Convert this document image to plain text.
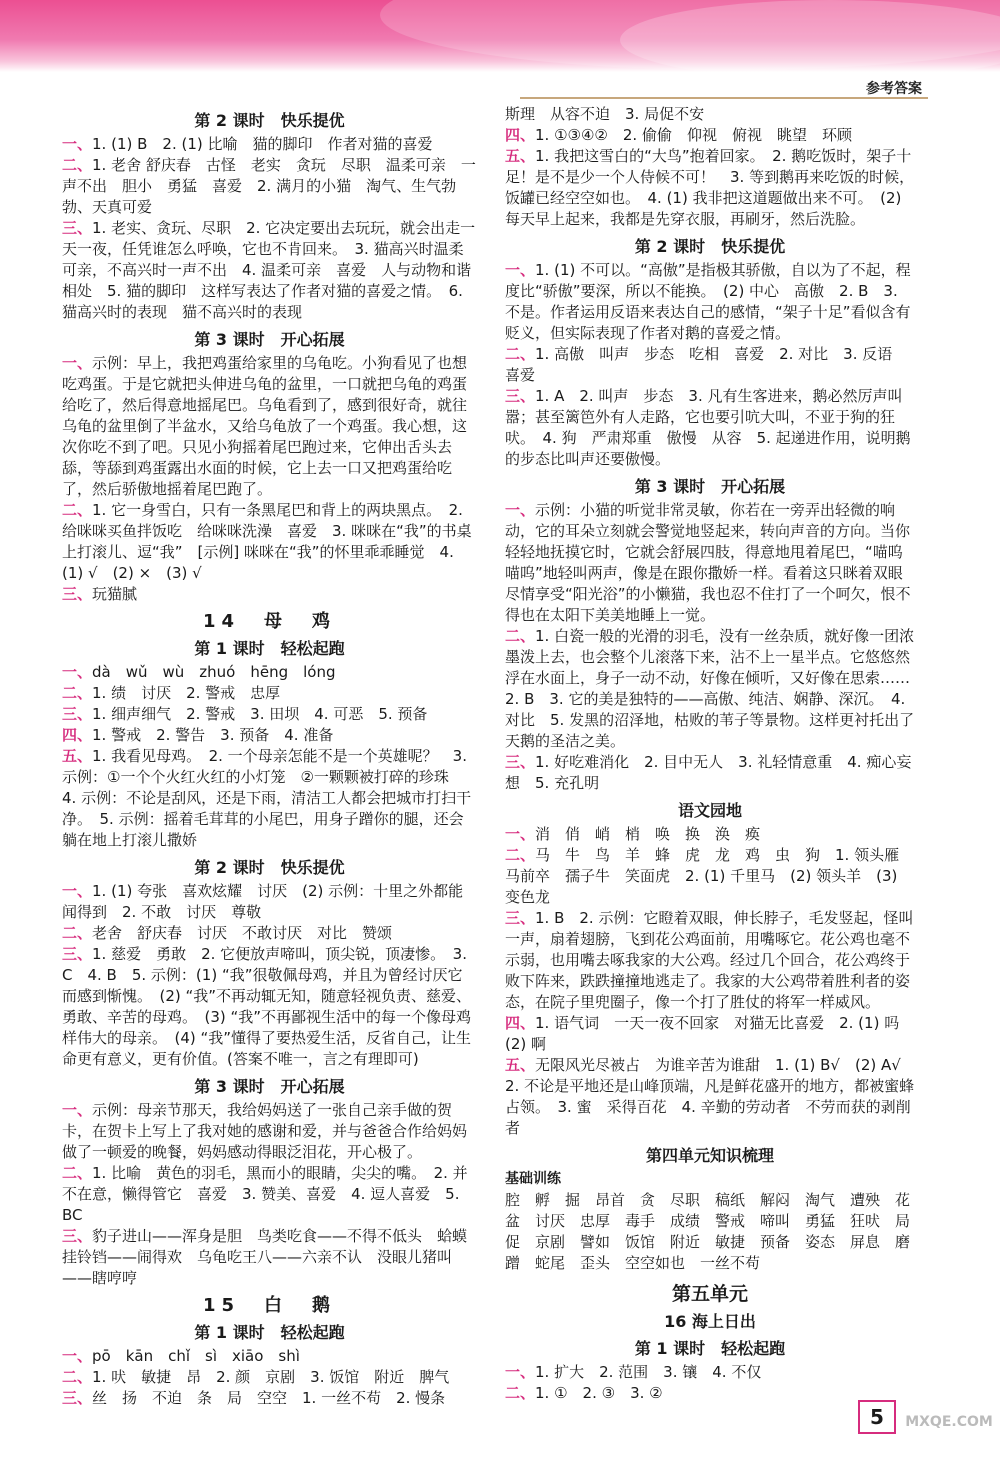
参考答案

第 2 课时　快乐提优

一、1. (1) B　2. (1) 比喻　猫的脚印　作者对猫的喜爱

二、1. 老舍 舒庆春　古怪　老实　贪玩　尽职　温柔可亲　一声不出　胆小　勇猛　喜爱　2. 满月的小猫　淘气、生气勃勃、天真可爱

三、1. 老实、贪玩、尽职　2. 它决定要出去玩玩，就会出走一天一夜，任凭谁怎么呼唤，它也不肯回来。　3. 猫高兴时温柔可亲，不高兴时一声不出　4. 温柔可亲　喜爱　人与动物和谐相处　5. 猫的脚印　这样写表达了作者对猫的喜爱之情。　6. 猫高兴时的表现　猫不高兴时的表现

第 3 课时　开心拓展

一、示例：早上，我把鸡蛋给家里的乌龟吃。小狗看见了也想吃鸡蛋。于是它就把头伸进乌龟的盆里，一口就把乌龟的鸡蛋给吃了，然后得意地摇尾巴。乌龟看到了，感到很好奇，就往乌龟的盆里倒了半盆水，又给乌龟放了一个鸡蛋。我心想，这次你吃不到了吧。只见小狗摇着尾巴跑过来，它伸出舌头去舔，等舔到鸡蛋露出水面的时候，它上去一口又把鸡蛋给吃了，然后骄傲地摇着尾巴跑了。

二、1. 它一身雪白，只有一条黑尾巴和背上的两块黑点。　2. 给咪咪买鱼拌饭吃　给咪咪洗澡　喜爱　3. 咪咪在“我”的书桌上打滚儿、逗“我”　[示例] 咪咪在“我”的怀里乖乖睡觉　4. (1) √　(2) ×　(3) √

三、玩猫腻

14　母　鸡

第 1 课时　轻松起跑

一、dà　wǔ　wù　zhuó　hēng　lóng

二、1. 绩　讨厌　2. 警戒　忠厚

三、1. 细声细气　2. 警戒　3. 田坝　4. 可恶　5. 预备

四、1. 警戒　2. 警告　3. 预备　4. 准备

五、1. 我看见母鸡。　2. 一个母亲怎能不是一个英雄呢？　3. 示例：①一个个火红火红的小灯笼　②一颗颗被打碎的珍珠　4. 示例：不论是刮风，还是下雨，清洁工人都会把城市打扫干净。　5. 示例：摇着毛茸茸的小尾巴，用身子蹭你的腿，还会躺在地上打滚儿撒娇

第 2 课时　快乐提优

一、1. (1) 夸张　喜欢炫耀　讨厌　(2) 示例：十里之外都能闻得到　2. 不敢　讨厌　尊敬

二、老舍　舒庆春　讨厌　不敢讨厌　对比　赞颂

三、1. 慈爱　勇敢　2. 它便放声啼叫，顶尖锐，顶凄惨。　3. C　4. B　5. 示例：(1) “我”很敬佩母鸡，并且为曾经讨厌它而感到惭愧。　(2) “我”不再动辄无知，随意轻视负责、慈爱、勇敢、辛苦的母鸡。　(3) “我”不再鄙视生活中的每一个像母鸡样伟大的母亲。　(4) “我”懂得了要热爱生活，反省自己，让生命更有意义，更有价值。(答案不唯一，言之有理即可)

第 3 课时　开心拓展

一、示例：母亲节那天，我给妈妈送了一张自己亲手做的贺卡，在贺卡上写上了我对她的感谢和爱，并与爸爸合作给妈妈做了一顿爱的晚餐，妈妈感动得眼泛泪花，开心极了。

二、1. 比喻　黄色的羽毛，黑而小的眼睛，尖尖的嘴。　2. 并不在意，懒得管它　喜爱　3. 赞美、喜爱　4. 逗人喜爱　5. BC

三、豹子进山——浑身是胆　鸟类吃食——不得不低头　蛤蟆挂铃铛——闹得欢　乌龟吃王八——六亲不认　没眼儿猪叫——瞎哼哼

15　白　鹅

第 1 课时　轻松起跑

一、pō　kān　chǐ　sì　xiāo　shì

二、1. 吠　敏捷　昂　2. 颜　京剧　3. 饭馆　附近　脾气

三、丝　扬　不迫　条　局　空空　1. 一丝不苟　2. 慢条

斯理　从容不迫　3. 局促不安

四、1. ①③④②　2. 偷偷　仰视　俯视　眺望　环顾

五、1. 我把这雪白的“大鸟”抱着回家。　2. 鹅吃饭时，架子十足！是不是少一个人侍候不可！　3. 等到鹅再来吃饭的时候，饭罐已经空空如也。　4. (1) 我非把这道题做出来不可。　(2) 每天早上起来，我都是先穿衣服，再刷牙，然后洗脸。

第 2 课时　快乐提优

一、1. (1) 不可以。“高傲”是指极其骄傲，自以为了不起，程度比“骄傲”要深，所以不能换。　(2) 中心　高傲　2. B　3. 不是。作者运用反语来表达自己的感情，“架子十足”看似含有贬义，但实际表现了作者对鹅的喜爱之情。

二、1. 高傲　叫声　步态　吃相　喜爱　2. 对比　3. 反语　喜爱

三、1. A　2. 叫声　步态　3. 凡有生客进来，鹅必然厉声叫嚣；甚至篱笆外有人走路，它也要引吭大叫，不亚于狗的狂吠。　4. 狗　严肃郑重　傲慢　从容　5. 起递进作用，说明鹅的步态比叫声还要傲慢。

第 3 课时　开心拓展

一、示例：小猫的听觉非常灵敏，你若在一旁弄出轻微的响动，它的耳朵立刻就会警觉地竖起来，转向声音的方向。当你轻轻地抚摸它时，它就会舒展四肢，得意地甩着尾巴，“喵呜喵呜”地轻叫两声，像是在跟你撒娇一样。看着这只眯着双眼尽情享受“阳光浴”的小懒猫，我也忍不住打了一个呵欠，恨不得也在太阳下美美地睡上一觉。

二、1. 白瓷一般的光滑的羽毛，没有一丝杂质，就好像一团浓墨泼上去，也会整个儿滚落下来，沾不上一星半点。它悠悠然浮在水面上，身子一动不动，好像在倾听，又好像在思索……　2. B　3. 它的美是独特的——高傲、纯洁、娴静、深沉。　4. 对比　5. 发黑的沼泽地，枯败的苇子等景物。这样更衬托出了天鹅的圣洁之美。

三、1. 好吃难消化　2. 目中无人　3. 礼轻情意重　4. 痴心妄想　5. 充孔明

语文园地

一、消　俏　峭　梢　唤　换　涣　痪

二、马　牛　鸟　羊　蜂　虎　龙　鸡　虫　狗　1. 领头雁　马前卒　孺子牛　笑面虎　2. (1) 千里马　(2) 领头羊　(3) 变色龙

三、1. B　2. 示例：它瞪着双眼，伸长脖子，毛发竖起，怪叫一声，扇着翅膀，飞到花公鸡面前，用嘴啄它。花公鸡也毫不示弱，也用嘴去啄我家的大公鸡。经过几个回合，花公鸡终于败下阵来，跌跌撞撞地逃走了。我家的大公鸡带着胜利者的姿态，在院子里兜圈子，像一个打了胜仗的将军一样威风。

四、1. 语气词　一天一夜不回家　对猫无比喜爱　2. (1) 吗　(2) 啊

五、无限风光尽被占　为谁辛苦为谁甜　1. (1) B√　(2) A√　2. 不论是平地还是山峰顶端，凡是鲜花盛开的地方，都被蜜蜂占领。　3. 蜜　采得百花　4. 辛勤的劳动者　不劳而获的剥削者

第四单元知识梳理

基础训练

腔　孵　掘　昂首　贪　尽职　稿纸　解闷　淘气　遭殃　花盆　讨厌　忠厚　毒手　成绩　警戒　啼叫　勇猛　狂吠　局促　京剧　譬如　饭馆　附近　敏捷　预备　姿态　屏息　磨蹭　蛇尾　歪头　空空如也　一丝不苟

第五单元

16 海上日出

第 1 课时　轻松起跑

一、1. 扩大　2. 范围　3. 镶　4. 不仅

二、1. ①　2. ③　3. ②

5	MXQE.COM
